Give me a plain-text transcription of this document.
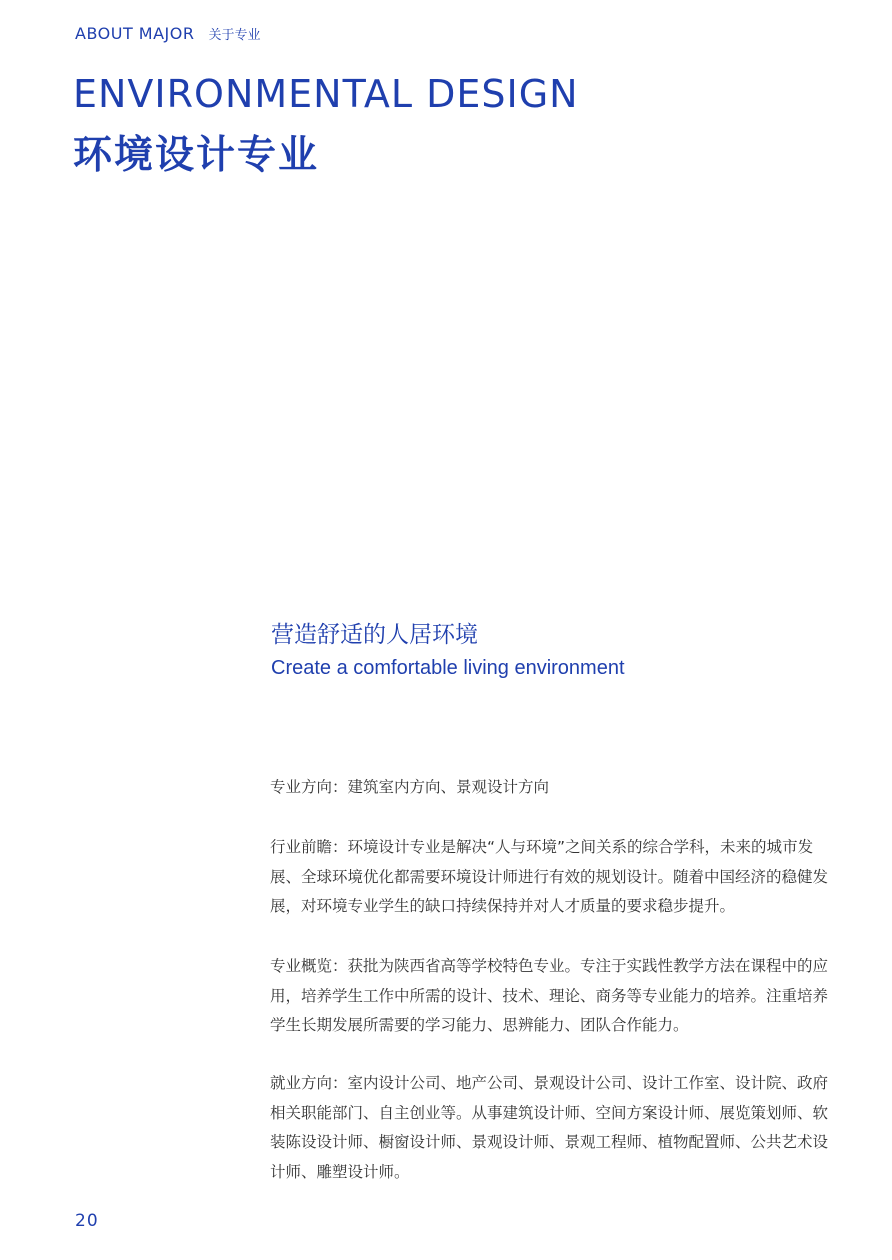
ABOUT MAJOR 关于专业
ENVIRONMENTAL DESIGN
环境设计专业
营造舒适的人居环境
Create a comfortable living environment
专业方向：建筑室内方向、景观设计方向
行业前瞻：环境设计专业是解决“人与环境”之间关系的综合学科，未来的城市发展、全球环境优化都需要环境设计师进行有效的规划设计。随着中国经济的稳健发展，对环境专业学生的缺口持续保持并对人才质量的要求稳步提升。
专业概览：获批为陕西省高等学校特色专业。专注于实践性教学方法在课程中的应用，培养学生工作中所需的设计、技术、理论、商务等专业能力的培养。注重培养学生长期发展所需要的学习能力、思辨能力、团队合作能力。
就业方向：室内设计公司、地产公司、景观设计公司、设计工作室、设计院、政府相关职能部门、自主创业等。从事建筑设计师、空间方案设计师、展览策划师、软装陈设设计师、橱窗设计师、景观设计师、景观工程师、植物配置师、公共艺术设计师、雕塑设计师。
20
